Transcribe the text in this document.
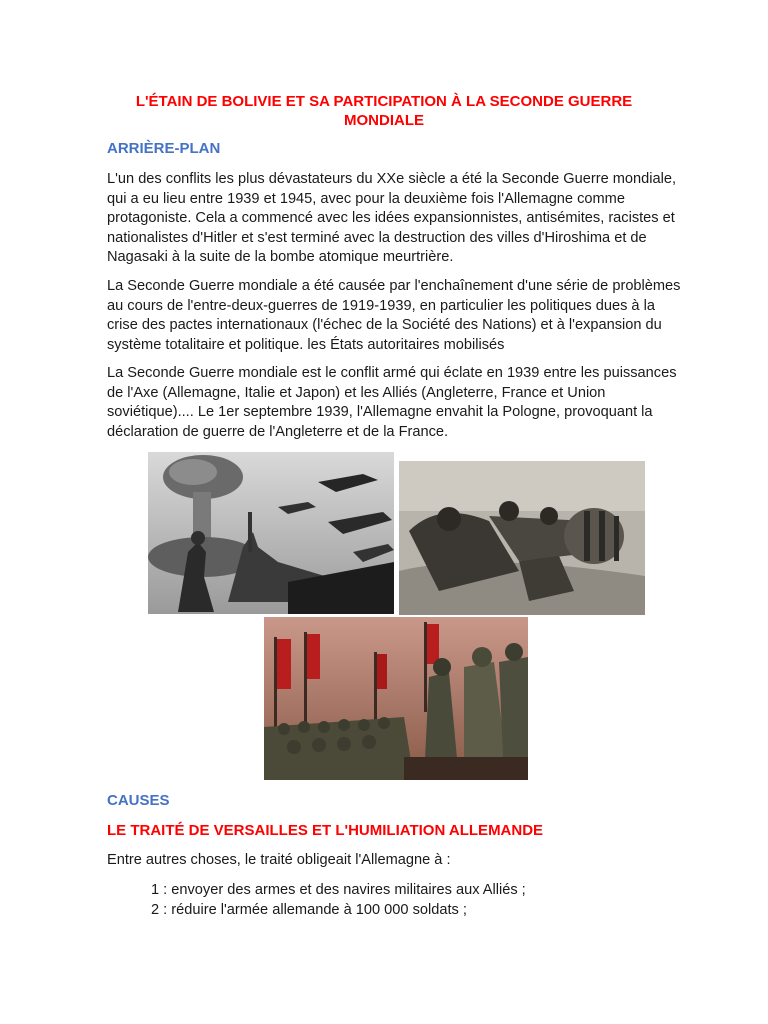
L'ÉTAIN DE BOLIVIE ET SA PARTICIPATION À LA SECONDE GUERRE MONDIALE
ARRIÈRE-PLAN

L'un des conflits les plus dévastateurs du XXe siècle a été la Seconde Guerre mondiale, qui a eu lieu entre 1939 et 1945, avec pour la deuxième fois l'Allemagne comme protagoniste. Cela a commencé avec les idées expansionnistes, antisémites, racistes et nationalistes d'Hitler et s'est terminé avec la destruction des villes d'Hiroshima et de Nagasaki à la suite de la bombe atomique meurtrière.

La Seconde Guerre mondiale a été causée par l'enchaînement d'une série de problèmes au cours de l'entre-deux-guerres de 1919-1939, en particulier les politiques dues à la crise des pactes internationaux (l'échec de la Société des Nations) et à l'expansion du système totalitaire et politique. les États autoritaires mobilisés

La Seconde Guerre mondiale est le conflit armé qui éclate en 1939 entre les puissances de l'Axe (Allemagne, Italie et Japon) et les Alliés (Angleterre, France et Union soviétique).... Le 1er septembre 1939, l'Allemagne envahit la Pologne, provoquant la déclaration de guerre de l'Angleterre et de la France.

CAUSES
LE TRAITÉ DE VERSAILLES ET L'HUMILIATION ALLEMANDE

Entre autres choses, le traité obligeait l'Allemagne à :

1 : envoyer des armes et des navires militaires aux Alliés ;

2 : réduire l'armée allemande à 100 000 soldats ;
